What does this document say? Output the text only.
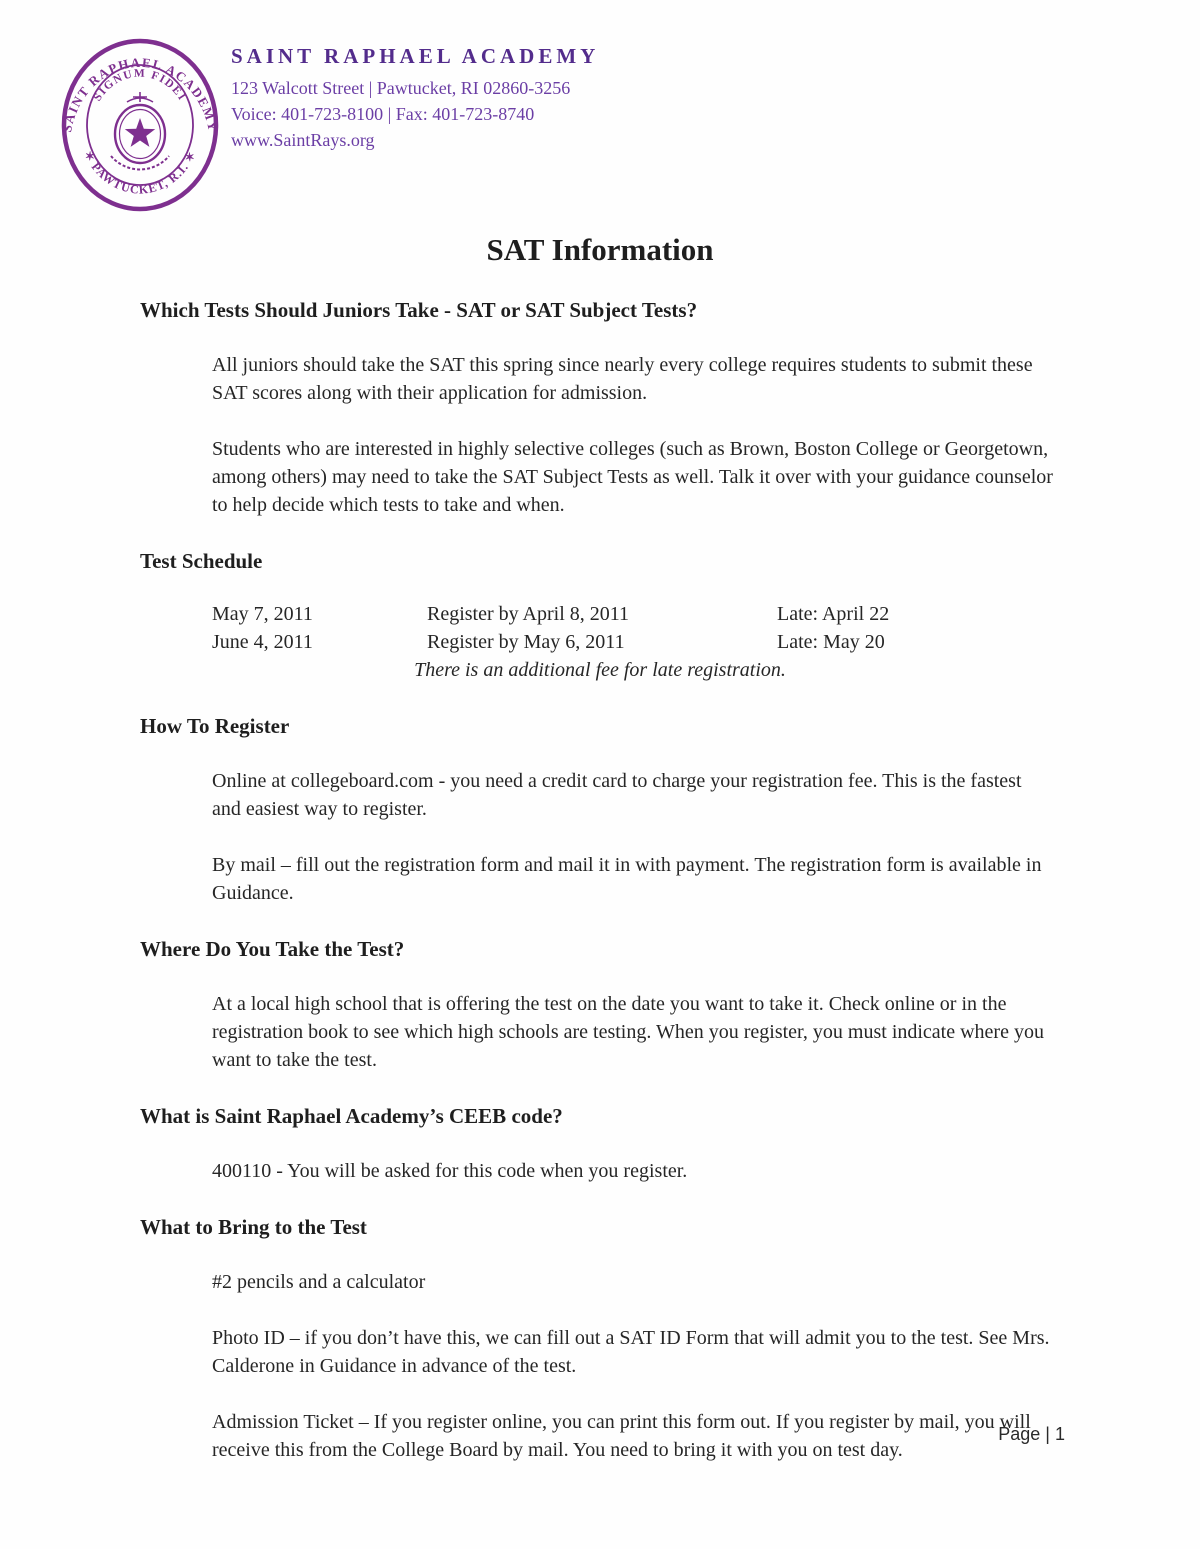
SAINT RAPHAEL ACADEMY
✶ PAWTUCKET, R.I. ✶
SIGNUM FIDEI
SAINT RAPHAEL ACADEMY
123 Walcott Street | Pawtucket, RI 02860-3256
Voice: 401-723-8100 | Fax: 401-723-8740
www.SaintRays.org
SAT Information
Which Tests Should Juniors Take - SAT or SAT Subject Tests?

All juniors should take the SAT this spring since nearly every college requires students to submit these SAT scores along with their application for admission.

Students who are interested in highly selective colleges (such as Brown, Boston College or Georgetown, among others) may need to take the SAT Subject Tests as well. Talk it over with your guidance counselor to help decide which tests to take and when.

Test Schedule
May 7, 2011	Register by April 8, 2011	Late: April 22
June 4, 2011	Register by May 6, 2011	Late: May 20
There is an additional fee for late registration.
How To Register

Online at collegeboard.com - you need a credit card to charge your registration fee. This is the fastest and easiest way to register.

By mail – fill out the registration form and mail it in with payment. The registration form is available in Guidance.

Where Do You Take the Test?

At a local high school that is offering the test on the date you want to take it. Check online or in the registration book to see which high schools are testing. When you register, you must indicate where you want to take the test.

What is Saint Raphael Academy’s CEEB code?

400110 - You will be asked for this code when you register.

What to Bring to the Test

#2 pencils and a calculator

Photo ID – if you don’t have this, we can fill out a SAT ID Form that will admit you to the test. See Mrs. Calderone in Guidance in advance of the test.

Admission Ticket – If you register online, you can print this form out. If you register by mail, you will receive this from the College Board by mail. You need to bring it with you on test day.

Page | 1
